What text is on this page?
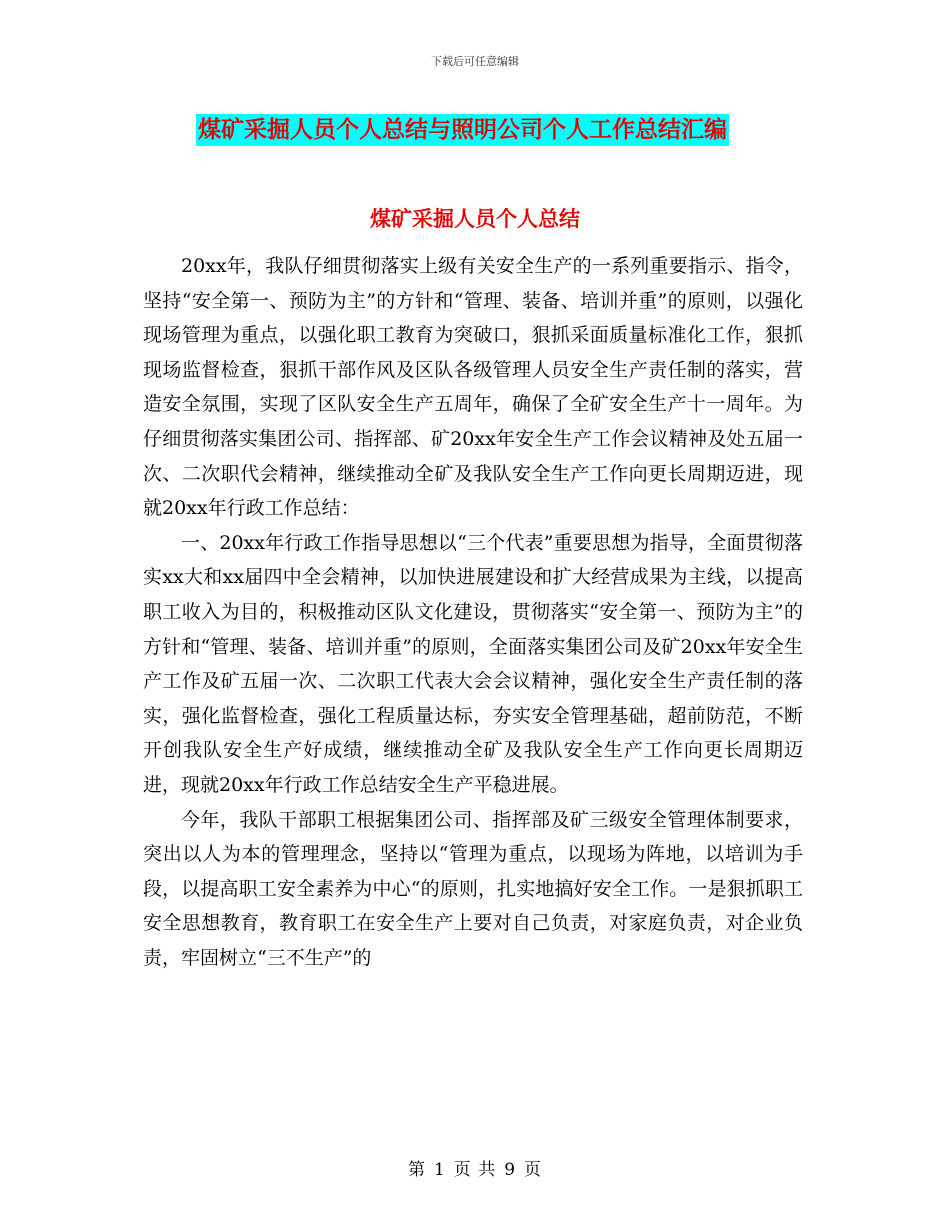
下载后可任意编辑
煤矿采掘人员个人总结与照明公司个人工作总结汇编
煤矿采掘人员个人总结

20xx年，我队仔细贯彻落实上级有关安全生产的一系列重要指示、指令，坚持“安全第一、预防为主”的方针和“管理、装备、培训并重”的原则，以强化现场管理为重点，以强化职工教育为突破口，狠抓采面质量标准化工作，狠抓现场监督检查，狠抓干部作风及区队各级管理人员安全生产责任制的落实，营造安全氛围，实现了区队安全生产五周年，确保了全矿安全生产十一周年。为仔细贯彻落实集团公司、指挥部、矿20xx年安全生产工作会议精神及处五届一次、二次职代会精神，继续推动全矿及我队安全生产工作向更长周期迈进，现就20xx年行政工作总结：

一、20xx年行政工作指导思想以“三个代表”重要思想为指导，全面贯彻落实xx大和xx届四中全会精神，以加快进展建设和扩大经营成果为主线，以提高职工收入为目的，积极推动区队文化建设，贯彻落实“安全第一、预防为主”的方针和“管理、装备、培训并重”的原则，全面落实集团公司及矿20xx年安全生产工作及矿五届一次、二次职工代表大会会议精神，强化安全生产责任制的落实，强化监督检查，强化工程质量达标，夯实安全管理基础，超前防范，不断开创我队安全生产好成绩，继续推动全矿及我队安全生产工作向更长周期迈进，现就20xx年行政工作总结安全生产平稳进展。

今年，我队干部职工根据集团公司、指挥部及矿三级安全管理体制要求，突出以人为本的管理理念，坚持以“管理为重点，以现场为阵地，以培训为手段，以提高职工安全素养为中心“的原则，扎实地搞好安全工作。一是狠抓职工安全思想教育，教育职工在安全生产上要对自己负责，对家庭负责，对企业负责，牢固树立“三不生产”的

第 1 页 共 9 页
